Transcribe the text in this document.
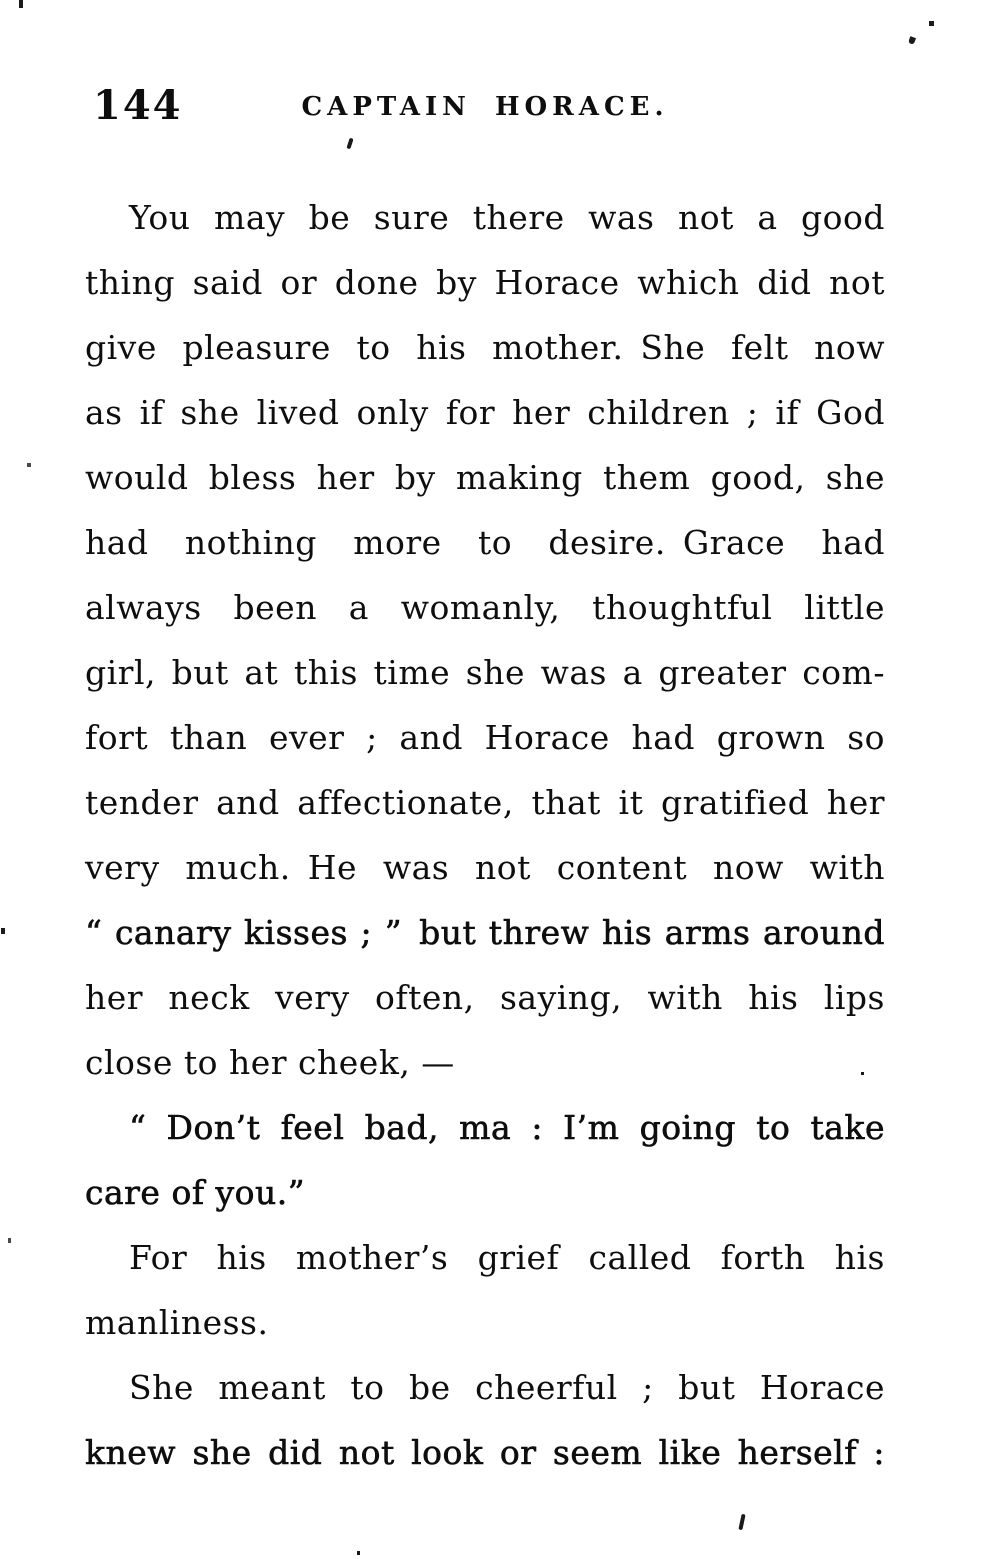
144	CAPTAIN HORACE.
You may be sure there was not a good
thing said or done by Horace which did not
give pleasure to his mother. She felt now
as if she lived only for her children ; if God
would bless her by making them good, she
had nothing more to desire. Grace had
always been a womanly, thoughtful little
girl, but at this time she was a greater com-
fort than ever ; and Horace had grown so
tender and affectionate, that it gratified her
very much. He was not content now with
“ canary kisses ; ” but threw his arms around
her neck very often, saying, with his lips
close to her cheek, —
“ Don’t feel bad, ma : I’m going to take
care of you.”
For his mother’s grief called forth his
manliness.
She meant to be cheerful ; but Horace
knew she did not look or seem like herself :
